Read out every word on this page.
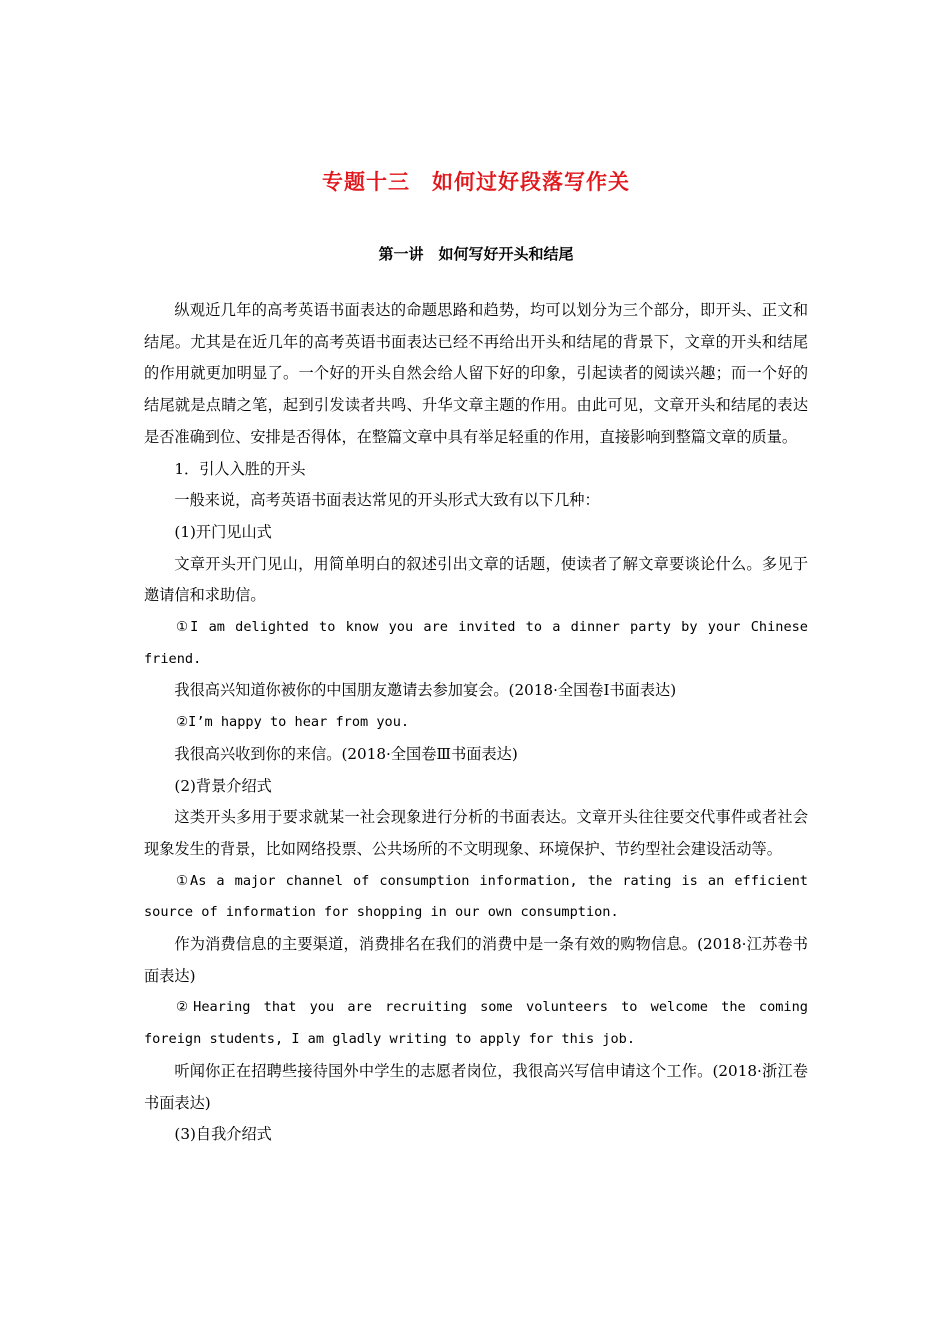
专题十三　如何过好段落写作关
第一讲　如何写好开头和结尾

纵观近几年的高考英语书面表达的命题思路和趋势，均可以划分为三个部分，即开头、正文和结尾。尤其是在近几年的高考英语书面表达已经不再给出开头和结尾的背景下，文章的开头和结尾的作用就更加明显了。一个好的开头自然会给人留下好的印象，引起读者的阅读兴趣；而一个好的结尾就是点睛之笔，起到引发读者共鸣、升华文章主题的作用。由此可见，文章开头和结尾的表达是否准确到位、安排是否得体，在整篇文章中具有举足轻重的作用，直接影响到整篇文章的质量。

1．引人入胜的开头

一般来说，高考英语书面表达常见的开头形式大致有以下几种：

(1)开门见山式

文章开头开门见山，用简单明白的叙述引出文章的话题，使读者了解文章要谈论什么。多见于邀请信和求助信。

①I am delighted to know you are invited to a dinner party by your Chinese friend.

我很高兴知道你被你的中国朋友邀请去参加宴会。(2018·全国卷Ⅰ书面表达)

②I’m happy to hear from you.

我很高兴收到你的来信。(2018·全国卷Ⅲ书面表达)

(2)背景介绍式

这类开头多用于要求就某一社会现象进行分析的书面表达。文章开头往往要交代事件或者社会现象发生的背景，比如网络投票、公共场所的不文明现象、环境保护、节约型社会建设活动等。

①As a major channel of consumption information, the rating is an efficient source of information for shopping in our own consumption.

作为消费信息的主要渠道，消费排名在我们的消费中是一条有效的购物信息。(2018·江苏卷书面表达)

②Hearing that you are recruiting some volunteers to welcome the coming foreign students, I am gladly writing to apply for this job.

听闻你正在招聘些接待国外中学生的志愿者岗位，我很高兴写信申请这个工作。(2018·浙江卷书面表达)

(3)自我介绍式
